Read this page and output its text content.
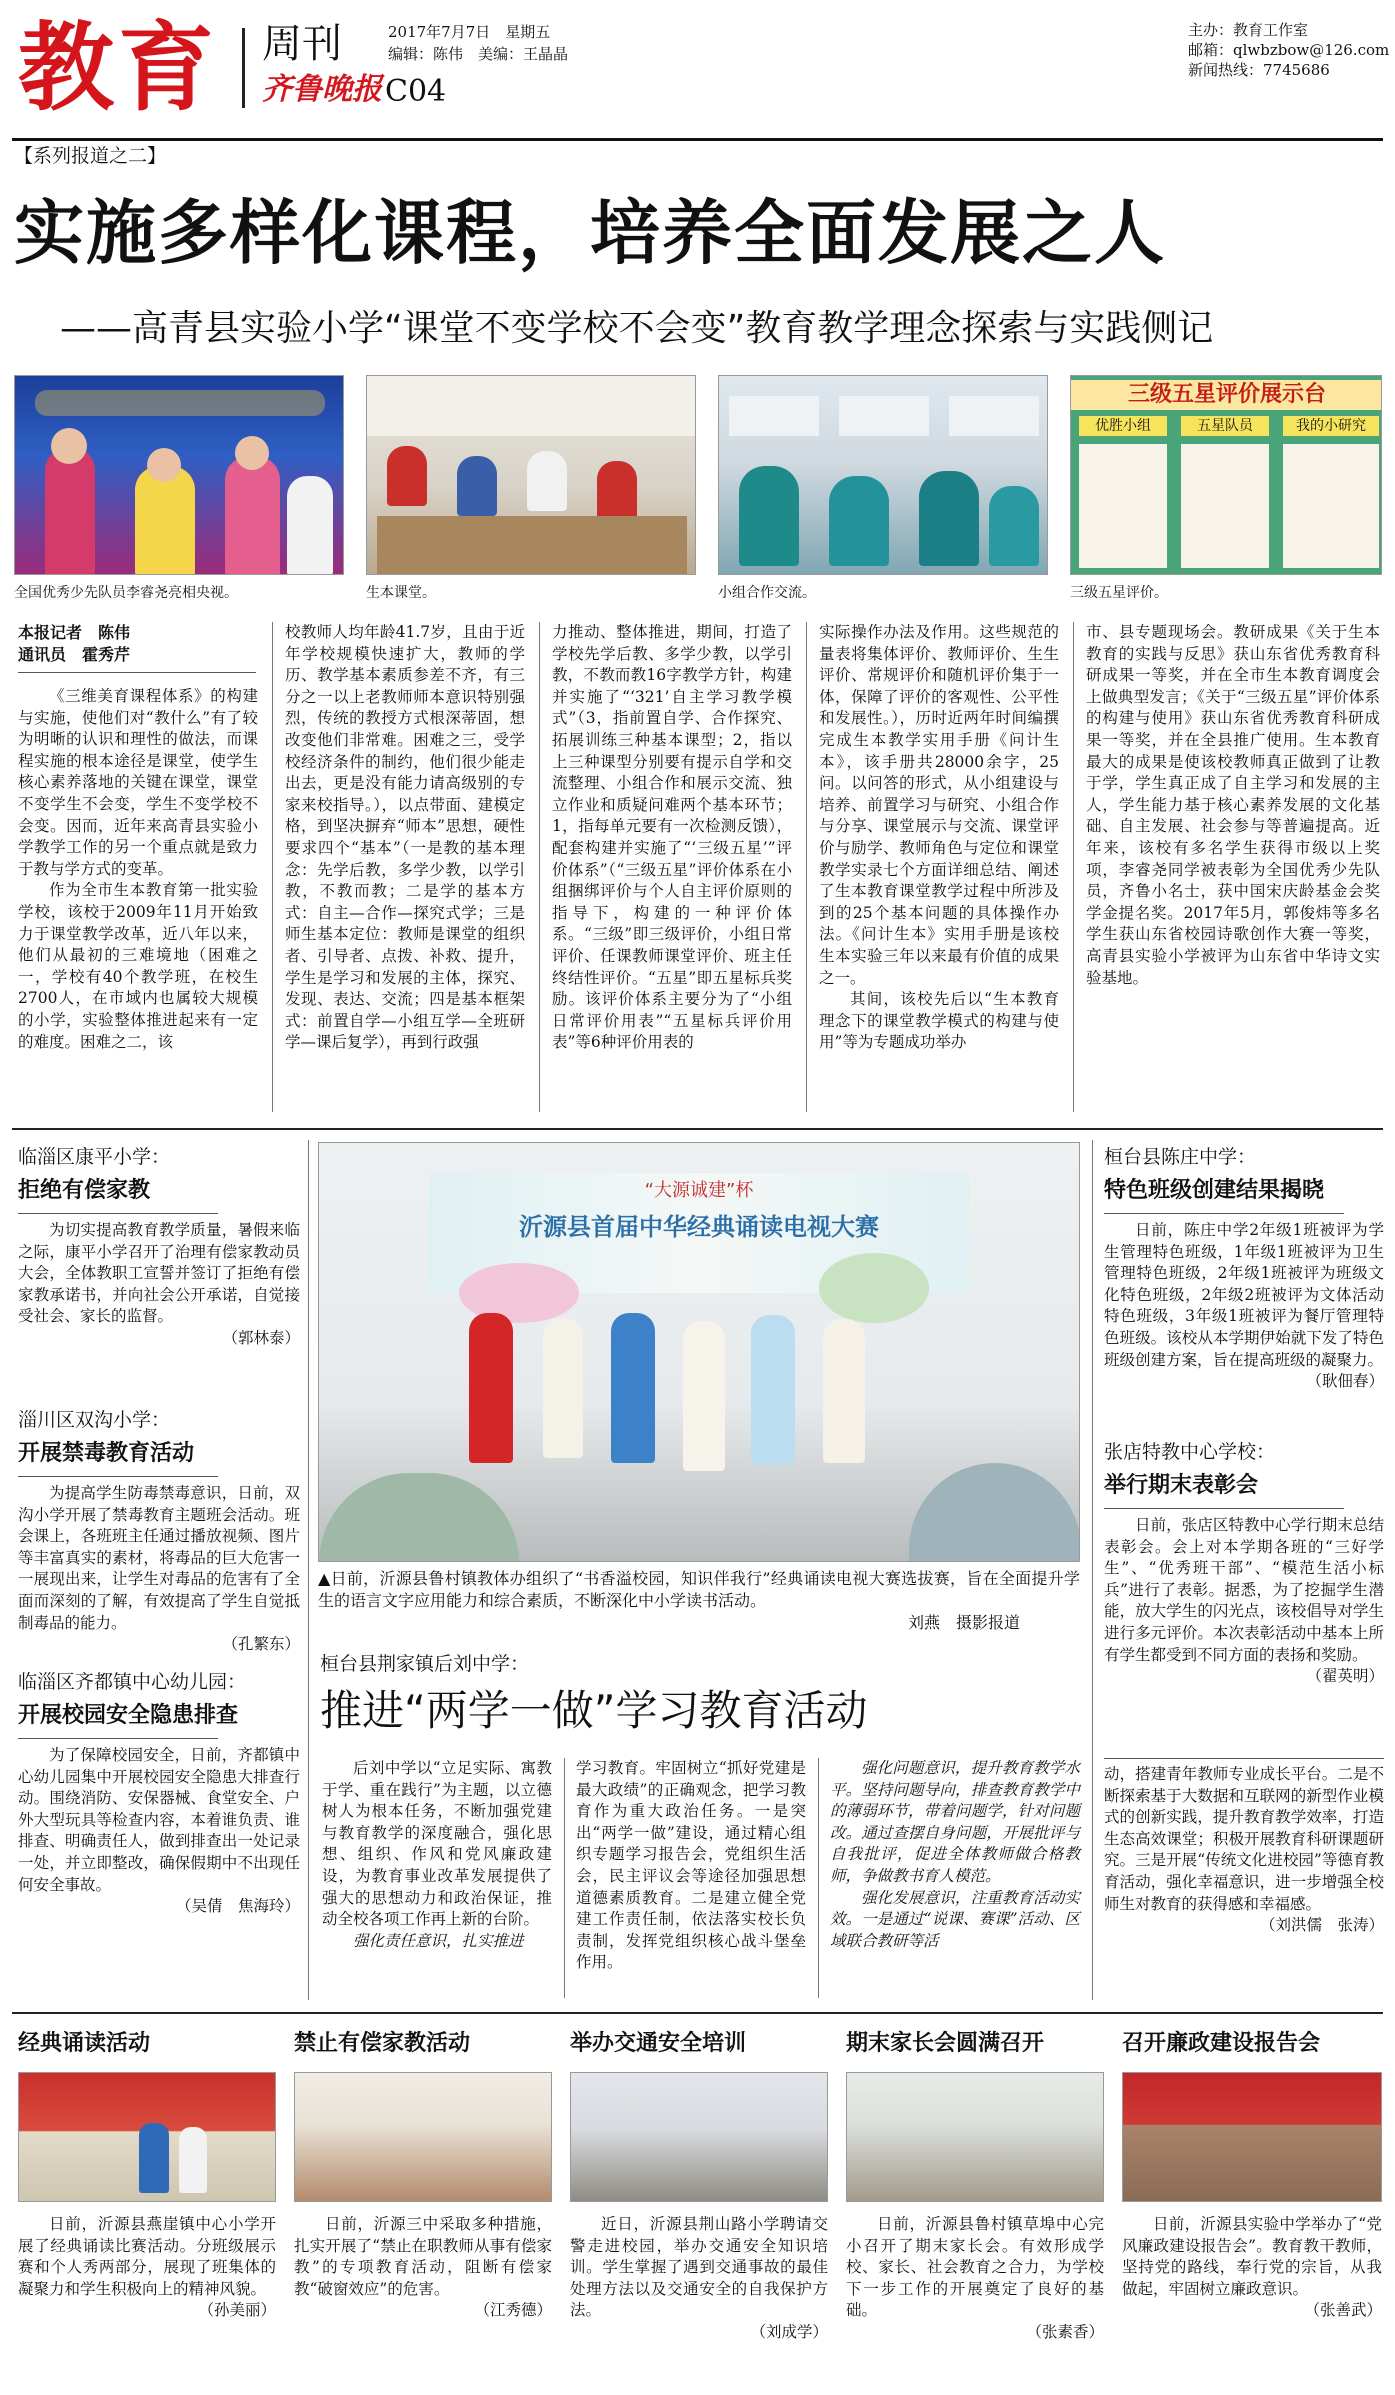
教育 周刊
齐鲁晚报 C04
2017年7月7日　星期五
编辑：陈伟　美编：王晶晶
主办：教育工作室
邮箱：qlwbzbow@126.com
新闻热线：7745686
【系列报道之二】
实施多样化课程，培养全面发展之人
——高青县实验小学“课堂不变学校不会变”教育教学理念探索与实践侧记
全国优秀少先队员李睿尧亮相央视。	生本课堂。	小组合作交流。
三级五星评价展示台
优胜小组	五星队员	我的小研究
三级五星评价。
本报记者　陈伟
通讯员　霍秀芹

《三维美育课程体系》的构建与实施，使他们对“教什么”有了较为明晰的认识和理性的做法，而课程实施的根本途径是课堂，使学生核心素养落地的关键在课堂，课堂不变学生不会变，学生不变学校不会变。因而，近年来高青县实验小学教学工作的另一个重点就是致力于教与学方式的变革。

作为全市生本教育第一批实验学校，该校于2009年11月开始致力于课堂教学改革，近八年以来，他们从最初的三难境地（困难之一，学校有40个教学班，在校生2700人，在市域内也属较大规模的小学，实验整体推进起来有一定的难度。困难之二，该

校教师人均年龄41.7岁，且由于近年学校规模快速扩大，教师的学历、教学基本素质参差不齐，有三分之一以上老教师师本意识特别强烈，传统的教授方式根深蒂固，想改变他们非常难。困难之三，受学校经济条件的制约，他们很少能走出去，更是没有能力请高级别的专家来校指导。），以点带面、建模定格，到坚决摒弃“师本”思想，硬性要求四个“基本”（一是教的基本理念：先学后教，多学少教，以学引教，不教而教；二是学的基本方式：自主—合作—探究式学；三是师生基本定位：教师是课堂的组织者、引导者、点拨、补救、提升，学生是学习和发展的主体，探究、发现、表达、交流；四是基本框架式：前置自学—小组互学—全班研学—课后复学），再到行政强

力推动、整体推进，期间，打造了学校先学后教、多学少教，以学引教，不教而教16字教学方针，构建并实施了“‘321’自主学习教学模式”（3，指前置自学、合作探究、拓展训练三种基本课型；2，指以上三种课型分别要有提示自学和交流整理、小组合作和展示交流、独立作业和质疑问难两个基本环节；1，指每单元要有一次检测反馈），配套构建并实施了“‘三级五星’”评价体系”（“三级五星”评价体系在小组捆绑评价与个人自主评价原则的指导下，构建的一种评价体系。“三级”即三级评价，小组日常评价、任课教师课堂评价、班主任终结性评价。“五星”即五星标兵奖励。该评价体系主要分为了“小组日常评价用表”“五星标兵评价用表”等6种评价用表的

实际操作办法及作用。这些规范的量表将集体评价、教师评价、生生评价、常规评价和随机评价集于一体，保障了评价的客观性、公平性和发展性。），历时近两年时间编撰完成生本教学实用手册《问计生本》，该手册共28000余字，25问。以问答的形式，从小组建设与培养、前置学习与研究、小组合作与分享、课堂展示与交流、课堂评价与励学、教师角色与定位和课堂教学实录七个方面详细总结、阐述了生本教育课堂教学过程中所涉及到的25个基本问题的具体操作办法。《问计生本》实用手册是该校生本实验三年以来最有价值的成果之一。

其间，该校先后以“生本教育理念下的课堂教学模式的构建与使用”等为专题成功举办

市、县专题现场会。教研成果《关于生本教育的实践与反思》获山东省优秀教育科研成果一等奖，并在全市生本教育调度会上做典型发言；《关于“三级五星”评价体系的构建与使用》获山东省优秀教育科研成果一等奖，并在全县推广使用。生本教育最大的成果是使该校教师真正做到了让教于学，学生真正成了自主学习和发展的主人，学生能力基于核心素养发展的文化基础、自主发展、社会参与等普遍提高。近年来，该校有多名学生获得市级以上奖项，李睿尧同学被表彰为全国优秀少先队员，齐鲁小名士，获中国宋庆龄基金会奖学金提名奖。2017年5月，郭俊炜等多名学生获山东省校园诗歌创作大赛一等奖，高青县实验小学被评为山东省中华诗文实验基地。

临淄区康平小学：
拒绝有偿家教

为切实提高教育教学质量，暑假来临之际，康平小学召开了治理有偿家教动员大会，全体教职工宣誓并签订了拒绝有偿家教承诺书，并向社会公开承诺，自觉接受社会、家长的监督。

（郭林泰）

淄川区双沟小学：
开展禁毒教育活动

为提高学生防毒禁毒意识，日前，双沟小学开展了禁毒教育主题班会活动。班会课上，各班班主任通过播放视频、图片等丰富真实的素材，将毒品的巨大危害一一展现出来，让学生对毒品的危害有了全面而深刻的了解，有效提高了学生自觉抵制毒品的能力。

（孔繁东）

临淄区齐都镇中心幼儿园：
开展校园安全隐患排查

为了保障校园安全，日前，齐都镇中心幼儿园集中开展校园安全隐患大排查行动。围绕消防、安保器械、食堂安全、户外大型玩具等检查内容，本着谁负责、谁排查、明确责任人，做到排查出一处记录一处，并立即整改，确保假期中不出现任何安全事故。

（吴倩　焦海玲）

“大源诚建”杯
沂源县首届中华经典诵读电视大赛

▲日前，沂源县鲁村镇教体办组织了“书香溢校园，知识伴我行”经典诵读电视大赛选拔赛，旨在全面提升学生的语言文字应用能力和综合素质，不断深化中小学读书活动。

刘燕　摄影报道

桓台县荆家镇后刘中学：
推进“两学一做”学习教育活动

后刘中学以“立足实际、寓教于学、重在践行”为主题，以立德树人为根本任务，不断加强党建与教育教学的深度融合，强化思想、组织、作风和党风廉政建设，为教育事业改革发展提供了强大的思想动力和政治保证，推动全校各项工作再上新的台阶。

强化责任意识，扎实推进

学习教育。牢固树立“抓好党建是最大政绩”的正确观念，把学习教育作为重大政治任务。一是突出“两学一做”建设，通过精心组织专题学习报告会，党组织生活会，民主评议会等途径加强思想道德素质教育。二是建立健全党建工作责任制，依法落实校长负责制，发挥党组织核心战斗堡垒作用。

强化问题意识，提升教育教学水平。坚持问题导向，排查教育教学中的薄弱环节，带着问题学，针对问题改。通过查摆自身问题，开展批评与自我批评，促进全体教师做合格教师，争做教书育人模范。

强化发展意识，注重教育活动实效。一是通过“说课、赛课”活动、区域联合教研等活

桓台县陈庄中学：
特色班级创建结果揭晓

日前，陈庄中学2年级1班被评为学生管理特色班级，1年级1班被评为卫生管理特色班级，2年级1班被评为班级文化特色班级，2年级2班被评为文体活动特色班级，3年级1班被评为餐厅管理特色班级。该校从本学期伊始就下发了特色班级创建方案，旨在提高班级的凝聚力。

（耿佃春）

张店特教中心学校：
举行期末表彰会

日前，张店区特教中心学行期末总结表彰会。会上对本学期各班的“三好学生”、“优秀班干部”、“模范生活小标兵”进行了表彰。据悉，为了挖掘学生潜能，放大学生的闪光点，该校倡导对学生进行多元评价。本次表彰活动中基本上所有学生都受到不同方面的表扬和奖励。

（翟英明）

动，搭建青年教师专业成长平台。二是不断探索基于大数据和互联网的新型作业模式的创新实践，提升教育教学效率，打造生态高效课堂；积极开展教育科研课题研究。三是开展“传统文化进校园”等德育教育活动，强化幸福意识，进一步增强全校师生对教育的获得感和幸福感。

（刘洪儒　张涛）

经典诵读活动

日前，沂源县燕崖镇中心小学开展了经典诵读比赛活动。分班级展示赛和个人秀两部分，展现了班集体的凝聚力和学生积极向上的精神风貌。

（孙美丽）

禁止有偿家教活动

日前，沂源三中采取多种措施，扎实开展了“禁止在职教师从事有偿家教”的专项教育活动，阻断有偿家教“破窗效应”的危害。

（江秀德）

举办交通安全培训

近日，沂源县荆山路小学聘请交警走进校园，举办交通安全知识培训。学生掌握了遇到交通事故的最佳处理方法以及交通安全的自我保护方法。

（刘成学）

期末家长会圆满召开

日前，沂源县鲁村镇草埠中心完小召开了期末家长会。有效形成学校、家长、社会教育之合力，为学校下一步工作的开展奠定了良好的基础。

（张素香）

召开廉政建设报告会

日前，沂源县实验中学举办了“党风廉政建设报告会”。教育教干教师，坚持党的路线，奉行党的宗旨，从我做起，牢固树立廉政意识。

（张善武）
